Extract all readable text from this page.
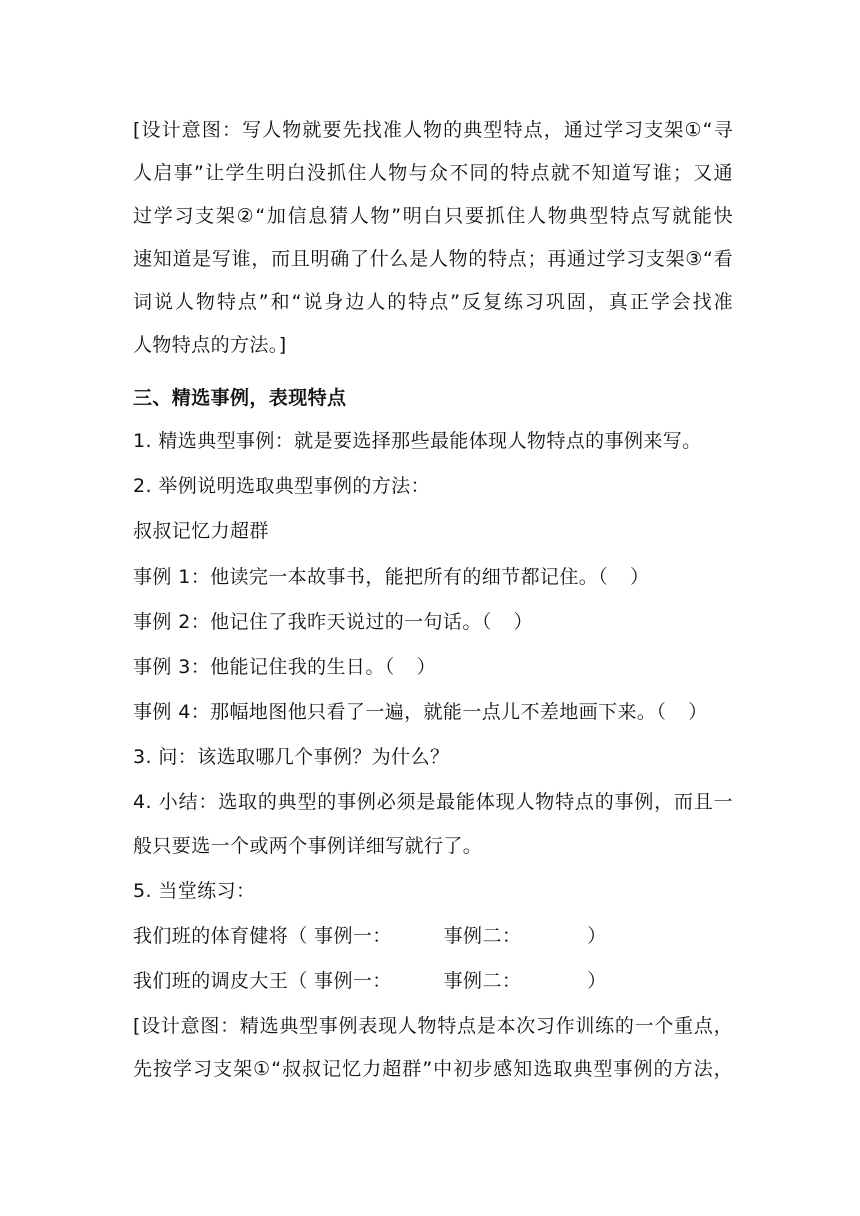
[设计意图：写人物就要先找准人物的典型特点，通过学习支架①“寻
人启事”让学生明白没抓住人物与众不同的特点就不知道写谁；又通
过学习支架②“加信息猜人物”明白只要抓住人物典型特点写就能快
速知道是写谁，而且明确了什么是人物的特点；再通过学习支架③“看
词说人物特点”和“说身边人的特点”反复练习巩固，真正学会找准
人物特点的方法。]
三、精选事例，表现特点
1. 精选典型事例：就是要选择那些最能体现人物特点的事例来写。
2. 举例说明选取典型事例的方法：
叔叔记忆力超群
事例 1：他读完一本故事书，能把所有的细节都记住。（ ）
事例 2：他记住了我昨天说过的一句话。（ ）
事例 3：他能记住我的生日。（ ）
事例 4：那幅地图他只看了一遍，就能一点儿不差地画下来。（ ）
3. 问：该选取哪几个事例？为什么？
4. 小结：选取的典型的事例必须是最能体现人物特点的事例，而且一
般只要选一个或两个事例详细写就行了。
5. 当堂练习：
我们班的体育健将（ 事例一：	事例二：	）
我们班的调皮大王（ 事例一：	事例二：	）
[设计意图：精选典型事例表现人物特点是本次习作训练的一个重点，
先按学习支架①“叔叔记忆力超群”中初步感知选取典型事例的方法，
